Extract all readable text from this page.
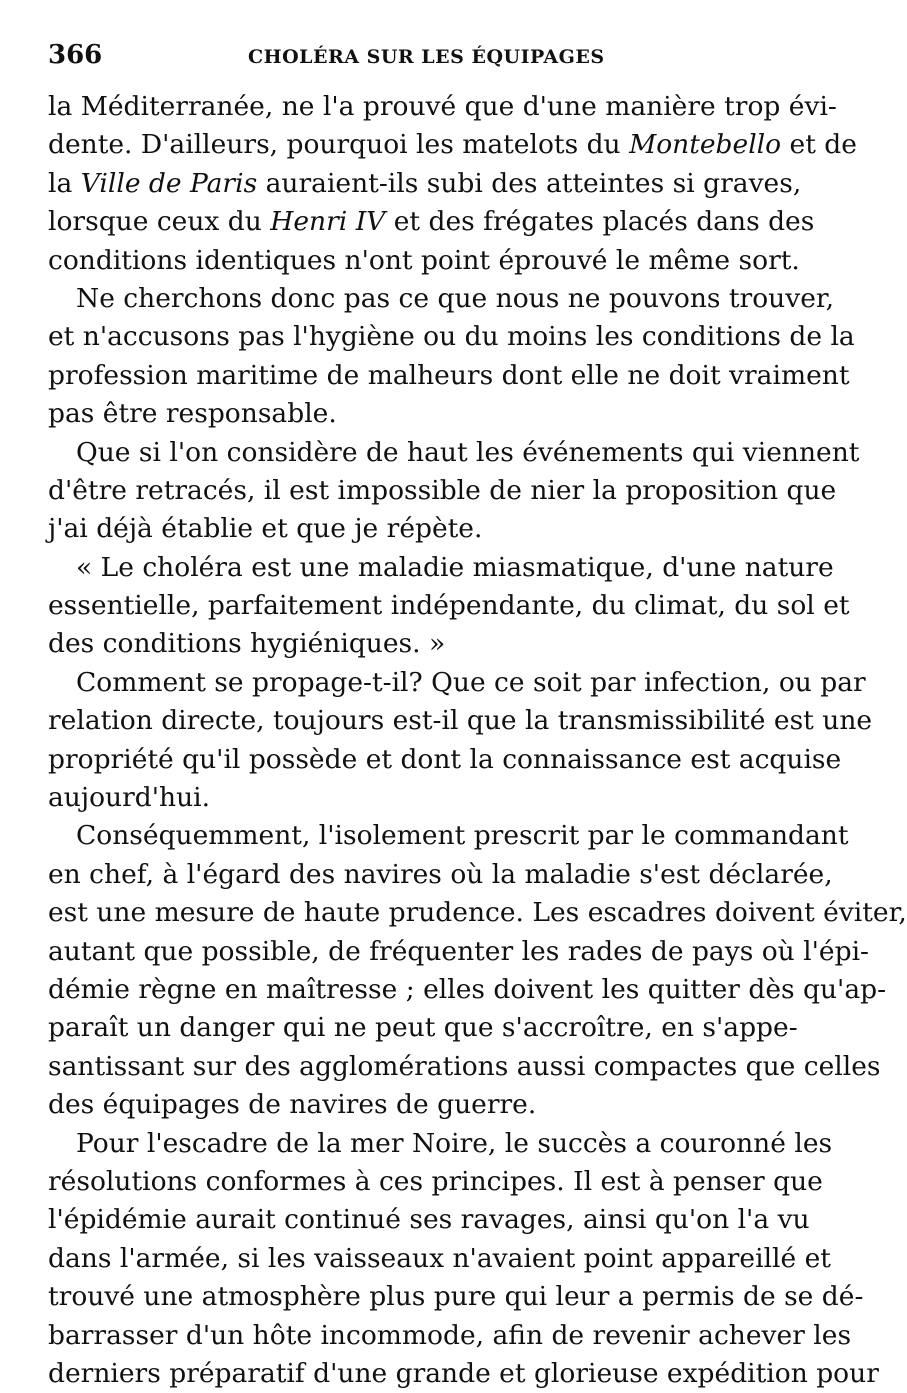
366	CHOLÉRA SUR LES ÉQUIPAGES
la Méditerranée, ne l'a prouvé que d'une manière trop évi-
dente. D'ailleurs, pourquoi les matelots du Montebello et de
la Ville de Paris auraient-ils subi des atteintes si graves,
lorsque ceux du Henri IV et des frégates placés dans des
conditions identiques n'ont point éprouvé le même sort.
Ne cherchons donc pas ce que nous ne pouvons trouver,
et n'accusons pas l'hygiène ou du moins les conditions de la
profession maritime de malheurs dont elle ne doit vraiment
pas être responsable.
Que si l'on considère de haut les événements qui viennent
d'être retracés, il est impossible de nier la proposition que
j'ai déjà établie et que je répète.
« Le choléra est une maladie miasmatique, d'une nature
essentielle, parfaitement indépendante, du climat, du sol et
des conditions hygiéniques. »
Comment se propage-t-il? Que ce soit par infection, ou par
relation directe, toujours est-il que la transmissibilité est une
propriété qu'il possède et dont la connaissance est acquise
aujourd'hui.
Conséquemment, l'isolement prescrit par le commandant
en chef, à l'égard des navires où la maladie s'est déclarée,
est une mesure de haute prudence. Les escadres doivent éviter,
autant que possible, de fréquenter les rades de pays où l'épi-
démie règne en maîtresse ; elles doivent les quitter dès qu'ap-
paraît un danger qui ne peut que s'accroître, en s'appe-
santissant sur des agglomérations aussi compactes que celles
des équipages de navires de guerre.
Pour l'escadre de la mer Noire, le succès a couronné les
résolutions conformes à ces principes. Il est à penser que
l'épidémie aurait continué ses ravages, ainsi qu'on l'a vu
dans l'armée, si les vaisseaux n'avaient point appareillé et
trouvé une atmosphère plus pure qui leur a permis de se dé-
barrasser d'un hôte incommode, afin de revenir achever les
derniers préparatif d'une grande et glorieuse expédition pour
